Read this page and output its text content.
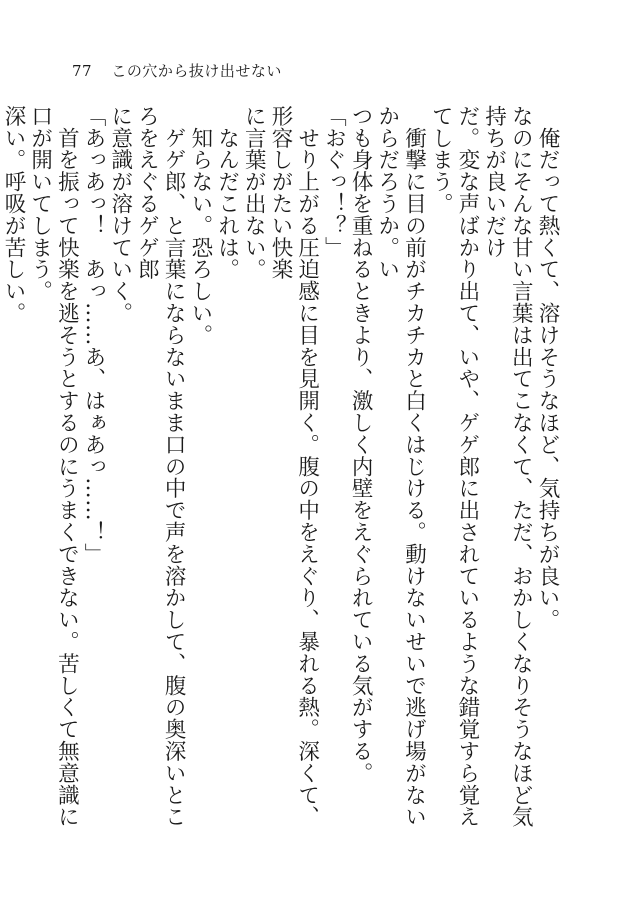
77 この穴から抜け出せない

　俺だって熱くて、溶けそうなほど、気持ちが良い。

なのにそんな甘い言葉は出てこなくて、ただ、おかしくなりそうなほど気持ちが良いだけ

だ。変な声ばかり出て、いや、ゲゲ郎に出されているような錯覚すら覚えてしまう。

　衝撃に目の前がチカチカと白くはじける。動けないせいで逃げ場がないからだろうか。い

つも身体を重ねるときより、激しく内壁をえぐられている気がする。

「おぐっ！？」

　せり上がる圧迫感に目を見開く。腹の中をえぐり、暴れる熱。深くて、形容しがたい快楽

に言葉が出ない。

　なんだこれは。

　知らない。恐ろしい。

　ゲゲ郎、と言葉にならないまま口の中で声を溶かして、腹の奥深いところをえぐるゲゲ郎

に意識が溶けていく。

「あっあっ！　あっ……あ、はぁあっ……！」

　首を振って快楽を逃そうとするのにうまくできない。苦しくて無意識に口が開いてしまう。

深い。呼吸が苦しい。
